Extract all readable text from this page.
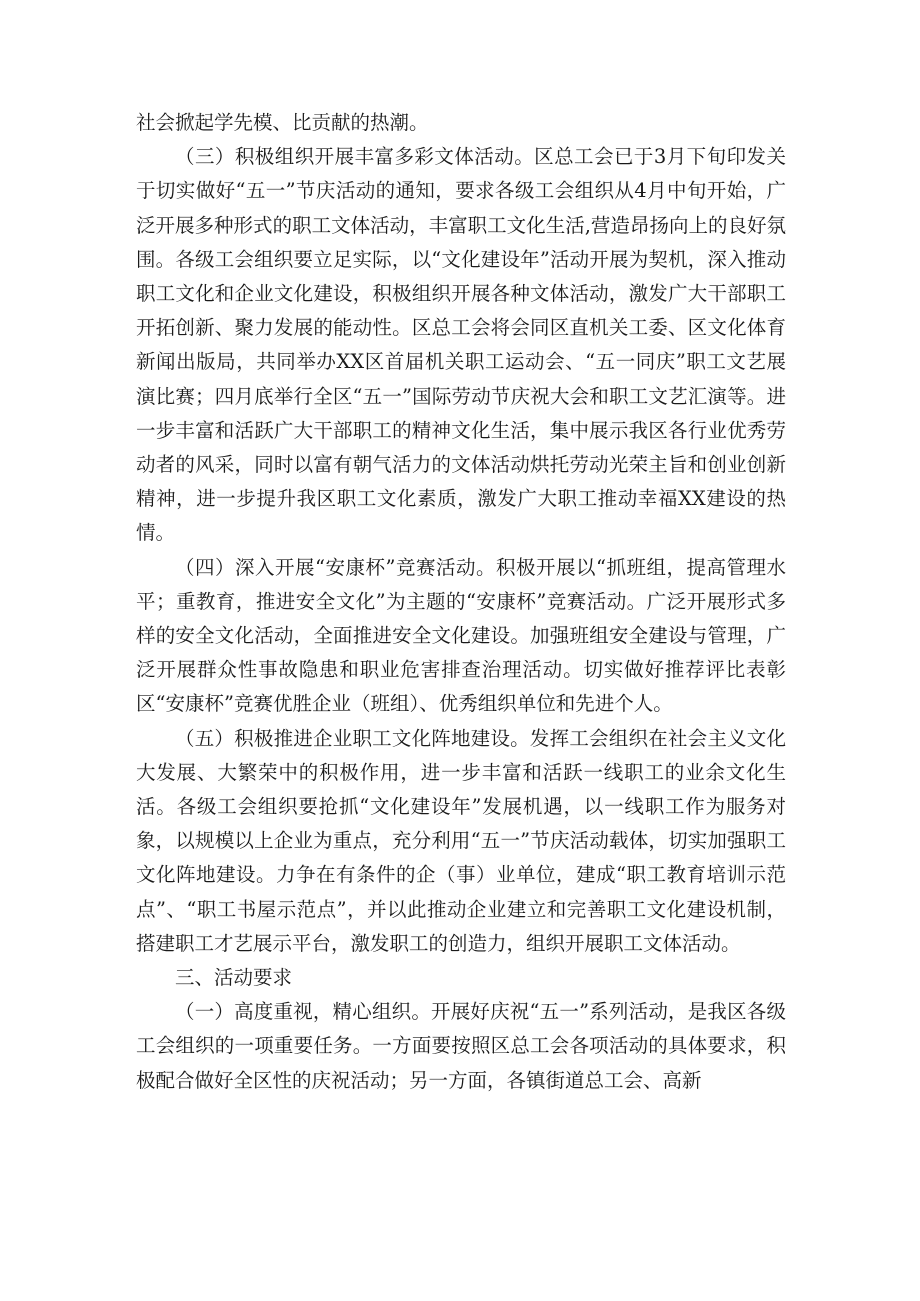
社会掀起学先模、比贡献的热潮。

（三）积极组织开展丰富多彩文体活动。区总工会已于3月下旬印发关于切实做好“五一”节庆活动的通知，要求各级工会组织从4月中旬开始，广泛开展多种形式的职工文体活动，丰富职工文化生活,营造昂扬向上的良好氛围。各级工会组织要立足实际，以“文化建设年”活动开展为契机，深入推动职工文化和企业文化建设，积极组织开展各种文体活动，激发广大干部职工开拓创新、聚力发展的能动性。区总工会将会同区直机关工委、区文化体育新闻出版局，共同举办XX区首届机关职工运动会、“五一同庆”职工文艺展演比赛；四月底举行全区“五一”国际劳动节庆祝大会和职工文艺汇演等。进一步丰富和活跃广大干部职工的精神文化生活，集中展示我区各行业优秀劳动者的风采，同时以富有朝气活力的文体活动烘托劳动光荣主旨和创业创新精神，进一步提升我区职工文化素质，激发广大职工推动幸福XX建设的热情。

（四）深入开展“安康杯”竞赛活动。积极开展以“抓班组，提高管理水平；重教育，推进安全文化”为主题的“安康杯”竞赛活动。广泛开展形式多样的安全文化活动，全面推进安全文化建设。加强班组安全建设与管理，广泛开展群众性事故隐患和职业危害排查治理活动。切实做好推荐评比表彰区“安康杯”竞赛优胜企业（班组）、优秀组织单位和先进个人。

（五）积极推进企业职工文化阵地建设。发挥工会组织在社会主义文化大发展、大繁荣中的积极作用，进一步丰富和活跃一线职工的业余文化生活。各级工会组织要抢抓“文化建设年”发展机遇，以一线职工作为服务对象，以规模以上企业为重点，充分利用“五一”节庆活动载体，切实加强职工文化阵地建设。力争在有条件的企（事）业单位，建成“职工教育培训示范点”、“职工书屋示范点”，并以此推动企业建立和完善职工文化建设机制，搭建职工才艺展示平台，激发职工的创造力，组织开展职工文体活动。

三、活动要求

（一）高度重视，精心组织。开展好庆祝“五一”系列活动，是我区各级工会组织的一项重要任务。一方面要按照区总工会各项活动的具体要求，积极配合做好全区性的庆祝活动；另一方面，各镇街道总工会、高新
